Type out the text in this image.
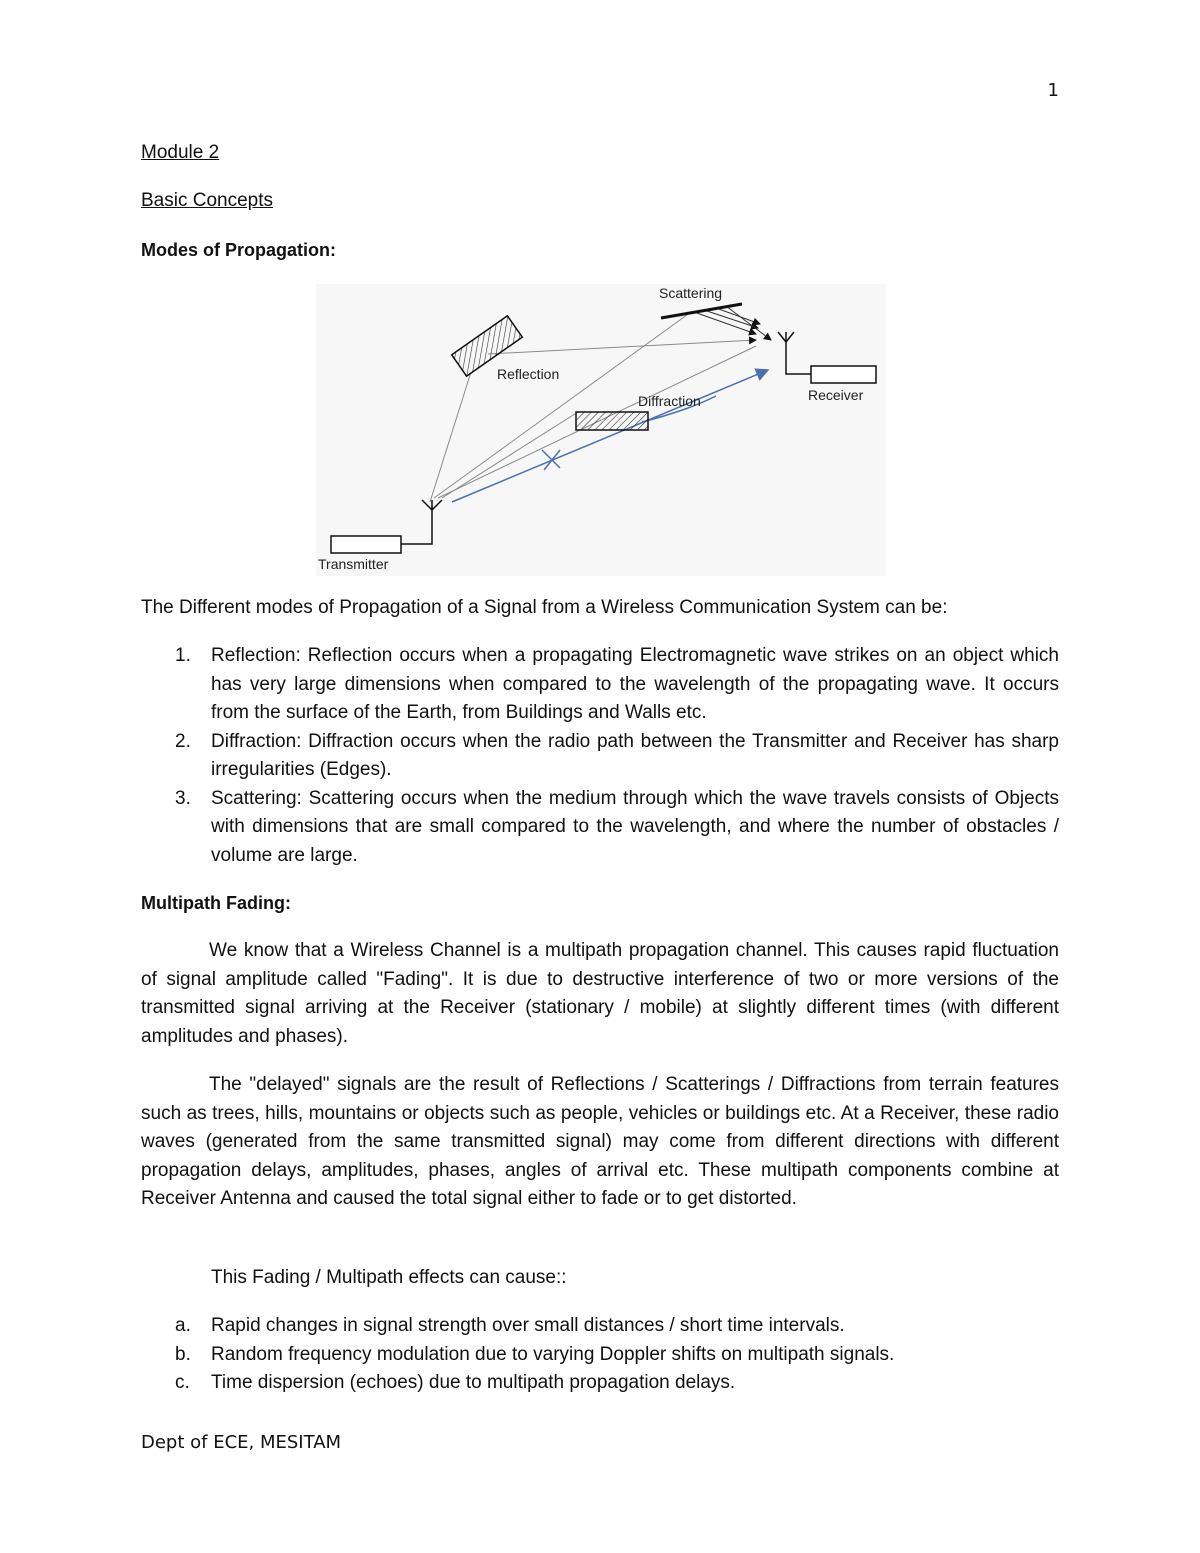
1
Module 2
Basic Concepts
Modes of Propagation:
Scattering
Reflection
Diffraction	Receiver
Transmitter

The Different modes of Propagation of a Signal from a Wireless Communication System can be:

1. Reflection: Reflection occurs when a propagating Electromagnetic wave strikes on an object which has very large dimensions when compared to the wavelength of the propagating wave. It occurs from the surface of the Earth, from Buildings and Walls etc.
2. Diffraction: Diffraction occurs when the radio path between the Transmitter and Receiver has sharp irregularities (Edges).
3. Scattering: Scattering occurs when the medium through which the wave travels consists of Objects with dimensions that are small compared to the wavelength, and where the number of obstacles / volume are large.
Multipath Fading:

We know that a Wireless Channel is a multipath propagation channel. This causes rapid fluctuation of signal amplitude called "Fading". It is due to destructive interference of two or more versions of the transmitted signal arriving at the Receiver (stationary / mobile) at slightly different times (with different amplitudes and phases).

The "delayed" signals are the result of Reflections / Scatterings / Diffractions from terrain features such as trees, hills, mountains or objects such as people, vehicles or buildings etc. At a Receiver, these radio waves (generated from the same transmitted signal) may come from different directions with different propagation delays, amplitudes, phases, angles of arrival etc. These multipath components combine at Receiver Antenna and caused the total signal either to fade or to get distorted.

This Fading / Multipath effects can cause::

a. Rapid changes in signal strength over small distances / short time intervals.
b. Random frequency modulation due to varying Doppler shifts on multipath signals.
c. Time dispersion (echoes) due to multipath propagation delays.
Dept of ECE, MESITAM
